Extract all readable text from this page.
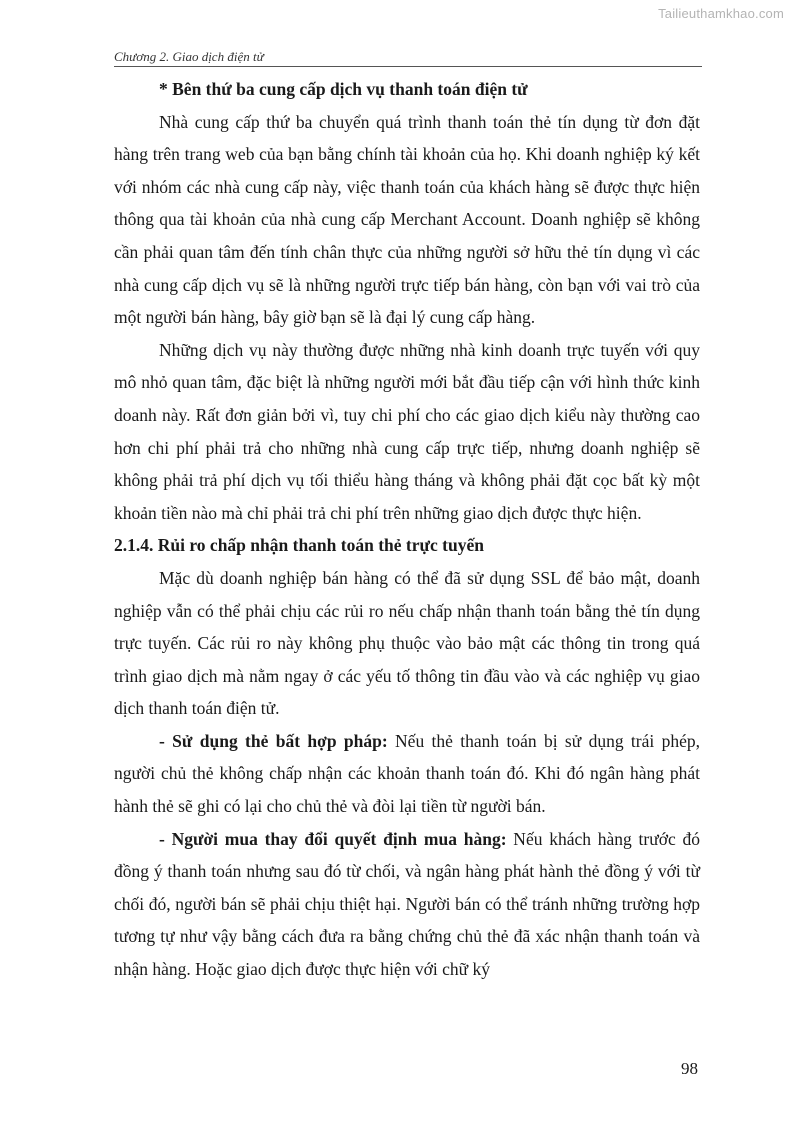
Tailieuthamkhao.com
Chương 2. Giao dịch điện tử

* Bên thứ ba cung cấp dịch vụ thanh toán điện tử

Nhà cung cấp thứ ba chuyển quá trình thanh toán thẻ tín dụng từ đơn đặt hàng trên trang web của bạn bằng chính tài khoản của họ. Khi doanh nghiệp ký kết với nhóm các nhà cung cấp này, việc thanh toán của khách hàng sẽ được thực hiện thông qua tài khoản của nhà cung cấp Merchant Account. Doanh nghiệp sẽ không cần phải quan tâm đến tính chân thực của những người sở hữu thẻ tín dụng vì các nhà cung cấp dịch vụ sẽ là những người trực tiếp bán hàng, còn bạn với vai trò của một người bán hàng, bây giờ bạn sẽ là đại lý cung cấp hàng.

Những dịch vụ này thường được những nhà kinh doanh trực tuyến với quy mô nhỏ quan tâm, đặc biệt là những người mới bắt đầu tiếp cận với hình thức kinh doanh này. Rất đơn giản bởi vì, tuy chi phí cho các giao dịch kiểu này thường cao hơn chi phí phải trả cho những nhà cung cấp trực tiếp, nhưng doanh nghiệp sẽ không phải trả phí dịch vụ tối thiểu hàng tháng và không phải đặt cọc bất kỳ một khoản tiền nào mà chỉ phải trả chi phí trên những giao dịch được thực hiện.

2.1.4. Rủi ro chấp nhận thanh toán thẻ trực tuyến

Mặc dù doanh nghiệp bán hàng có thể đã sử dụng SSL để bảo mật, doanh nghiệp vẫn có thể phải chịu các rủi ro nếu chấp nhận thanh toán bằng thẻ tín dụng trực tuyến. Các rủi ro này không phụ thuộc vào bảo mật các thông tin trong quá trình giao dịch mà nằm ngay ở các yếu tố thông tin đầu vào và các nghiệp vụ giao dịch thanh toán điện tử.

- Sử dụng thẻ bất hợp pháp: Nếu thẻ thanh toán bị sử dụng trái phép, người chủ thẻ không chấp nhận các khoản thanh toán đó. Khi đó ngân hàng phát hành thẻ sẽ ghi có lại cho chủ thẻ và đòi lại tiền từ người bán.

- Người mua thay đổi quyết định mua hàng: Nếu khách hàng trước đó đồng ý thanh toán nhưng sau đó từ chối, và ngân hàng phát hành thẻ đồng ý với từ chối đó, người bán sẽ phải chịu thiệt hại. Người bán có thể tránh những trường hợp tương tự như vậy bằng cách đưa ra bằng chứng chủ thẻ đã xác nhận thanh toán và nhận hàng. Hoặc giao dịch được thực hiện với chữ ký

98
